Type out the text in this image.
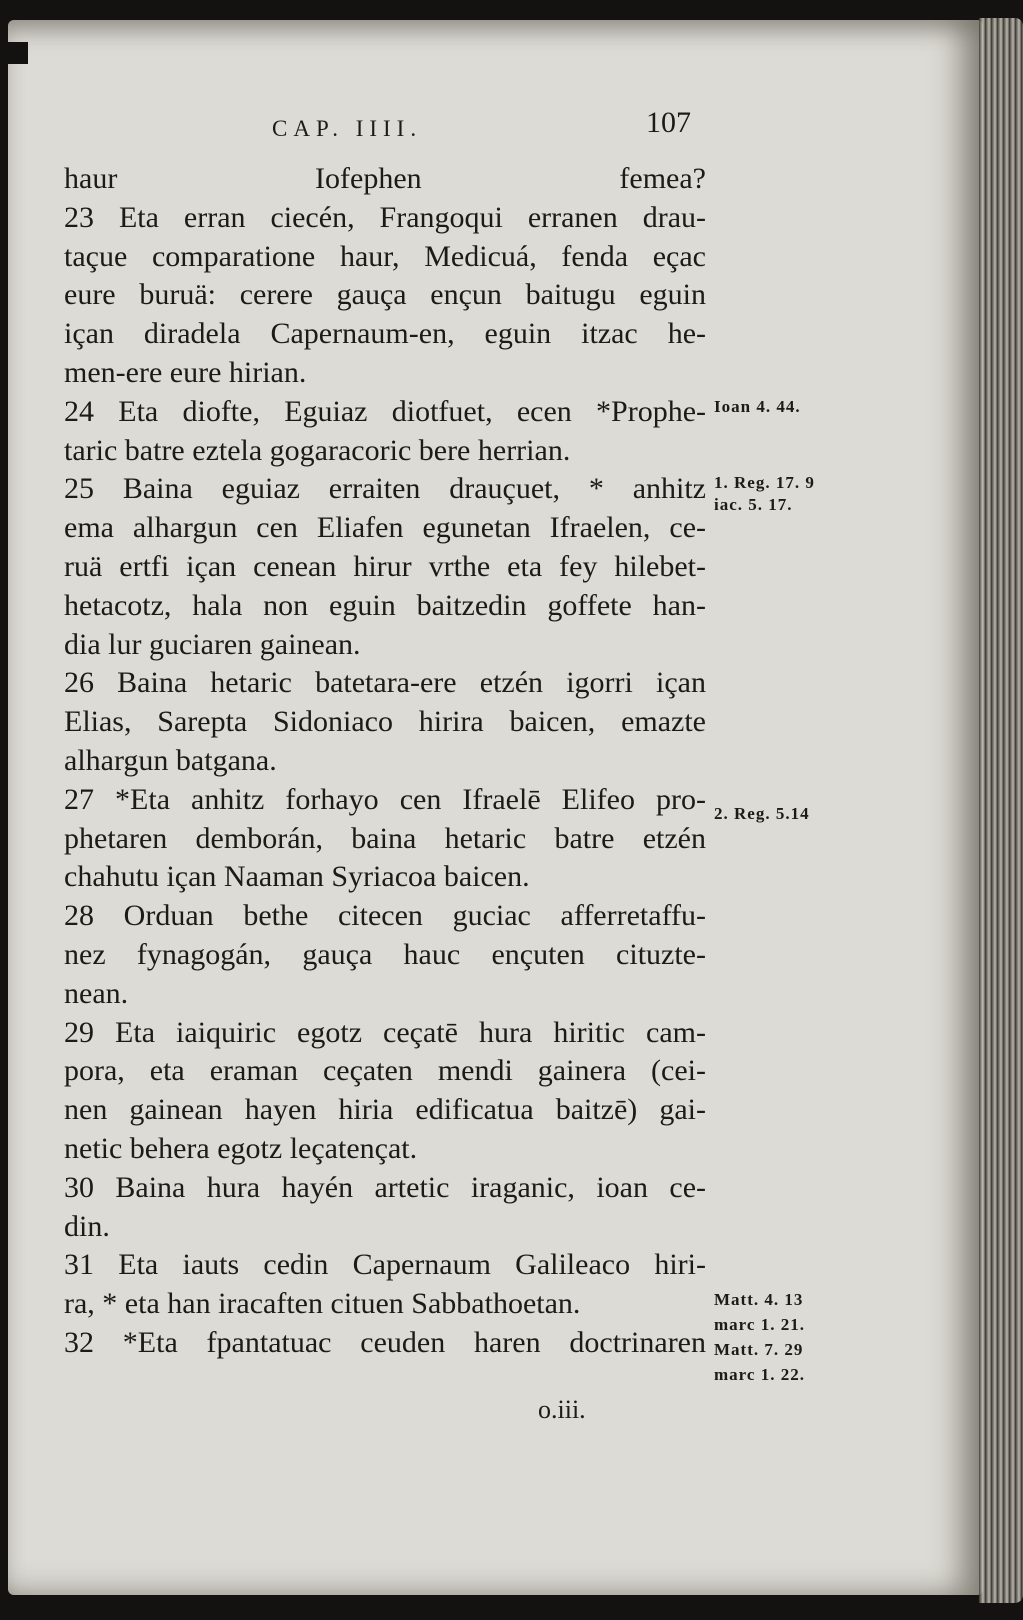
CAP. IIII.	107
haur Iofephen femea?
23 Eta erran ciecén, Frangoqui erranen drau-
taçue comparatione haur, Medicuá, fenda eçac
eure buruä: cerere gauça ençun baitugu eguin
içan diradela Capernaum-en, eguin itzac he-
men-ere eure hirian.
24 Eta diofte, Eguiaz diotfuet, ecen *Prophe-
taric batre eztela gogaracoric bere herrian.
25 Baina eguiaz erraiten drauçuet, * anhitz
ema alhargun cen Eliafen egunetan Ifraelen, ce-
ruä ertfi içan cenean hirur vrthe eta fey hilebet-
hetacotz, hala non eguin baitzedin goffete han-
dia lur guciaren gainean.
26 Baina hetaric batetara-ere etzén igorri içan
Elias, Sarepta Sidoniaco hirira baicen, emazte
alhargun batgana.
27 *Eta anhitz forhayo cen Ifraelē Elifeo pro-
phetaren demborán, baina hetaric batre etzén
chahutu içan Naaman Syriacoa baicen.
28 Orduan bethe citecen guciac afferretaffu-
nez fynagogán, gauça hauc ençuten cituzte-
nean.
29 Eta iaiquiric egotz ceçatē hura hiritic cam-
pora, eta eraman ceçaten mendi gainera (cei-
nen gainean hayen hiria edificatua baitzē) gai-
netic behera egotz leçatençat.
30 Baina hura hayén artetic iraganic, ioan ce-
din.
31 Eta iauts cedin Capernaum Galileaco hiri-
ra, * eta han iracaften cituen Sabbathoetan.
32 *Eta fpantatuac ceuden haren doctrinaren
Ioan 4. 44.
1. Reg. 17. 9
iac. 5. 17.
2. Reg. 5.14
Matt. 4. 13
marc 1. 21.
Matt. 7. 29
marc 1. 22.
o.iii.
